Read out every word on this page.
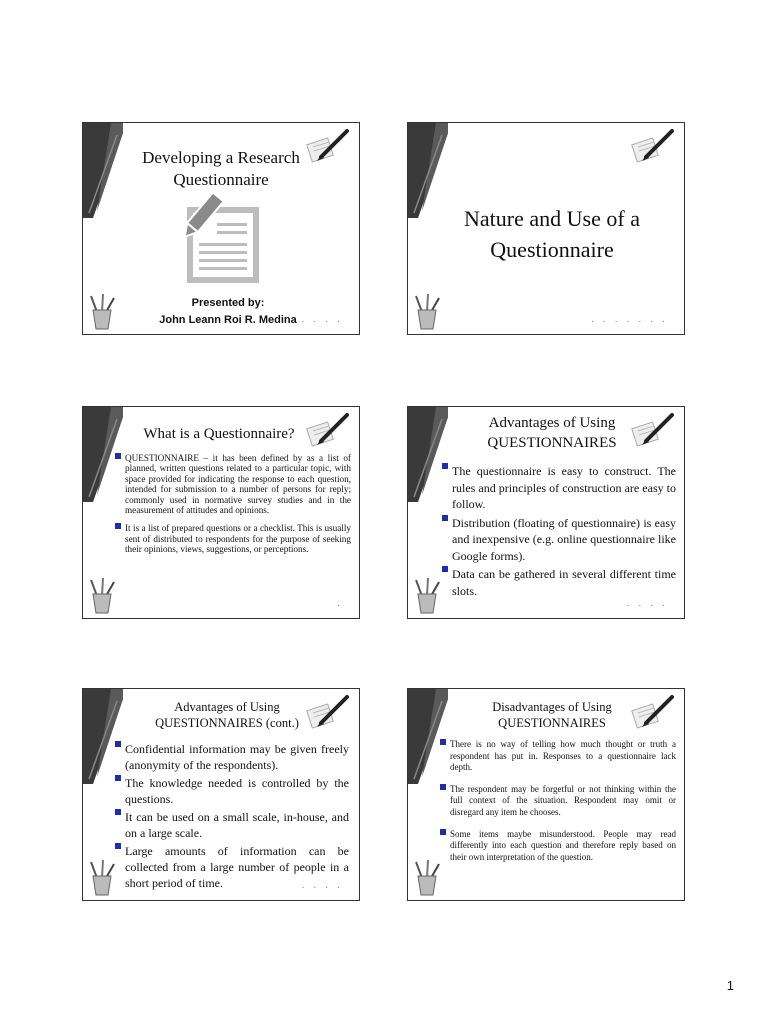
Developing a Research Questionnaire
Presented by:
John Leann Roi R. Medina ....
Nature and Use of a Questionnaire
.......
What is a Questionnaire?
QUESTIONNAIRE – it has been defined by as a list of planned, written questions related to a particular topic, with space provided for indicating the response to each question, intended for submission to a number of persons for reply; commonly used in normative survey studies and in the measurement of attitudes and opinions.
It is a list of prepared questions or a checklist. This is usually sent of distributed to respondents for the purpose of seeking their opinions, views, suggestions, or perceptions.
.
Advantages of Using
QUESTIONNAIRES
The questionnaire is easy to construct. The rules and principles of construction are easy to follow.
Distribution (floating of questionnaire) is easy and inexpensive (e.g. online questionnaire like Google forms).
Data can be gathered in several different time slots.
....
Advantages of Using
QUESTIONNAIRES (cont.)
Confidential information may be given freely (anonymity of the respondents).
The knowledge needed is controlled by the questions.
It can be used on a small scale, in-house, and on a large scale.
Large amounts of information can be collected from a large number of people in a short period of time.	....
Disadvantages of Using
QUESTIONNAIRES
There is no way of telling how much thought or truth a respondent has put in. Responses to a questionnaire lack depth.
The respondent may be forgetful or not thinking within the full context of the situation. Respondent may omit or disregard any item he chooses.
Some items maybe misunderstood. People may read differently into each question and therefore reply based on their own interpretation of the question.
1
